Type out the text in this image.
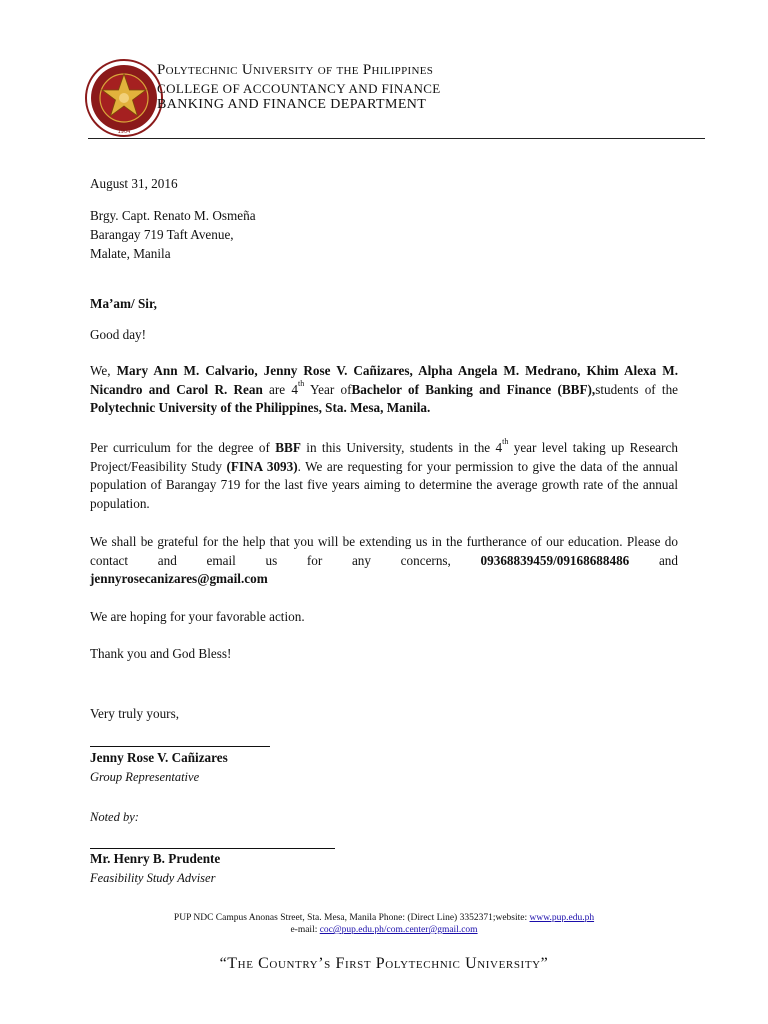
1904
Polytechnic University of the Philippines
COLLEGE OF ACCOUNTANCY AND FINANCE
BANKING AND FINANCE DEPARTMENT
August 31, 2016
Brgy. Capt. Renato M. Osmeña
Barangay 719 Taft Avenue,
Malate, Manila
Ma’am/ Sir,
Good day!
We, Mary Ann M. Calvario, Jenny Rose V. Cañizares, Alpha Angela M. Medrano, Khim Alexa M. Nicandro and Carol R. Rean are 4th Year ofBachelor of Banking and Finance (BBF),students of the Polytechnic University of the Philippines, Sta. Mesa, Manila.
Per curriculum for the degree of BBF in this University, students in the 4th year level taking up Research Project/Feasibility Study (FINA 3093). We are requesting for your permission to give the data of the annual population of Barangay 719 for the last five years aiming to determine the average growth rate of the annual population.
We shall be grateful for the help that you will be extending us in the furtherance of our education. Please do contact and email us for any concerns, 09368839459/09168688486 and
jennyrosecanizares@gmail.com
We are hoping for your favorable action.
Thank you and God Bless!
Very truly yours,
Jenny Rose V. Cañizares
Group Representative
Noted by:
Mr. Henry B. Prudente
Feasibility Study Adviser
PUP NDC Campus Anonas Street, Sta. Mesa, Manila Phone: (Direct Line) 3352371;website: www.pup.edu.ph
e-mail: coc@pup.edu.ph/com.center@gmail.com
“The Country’s First Polytechnic University”
